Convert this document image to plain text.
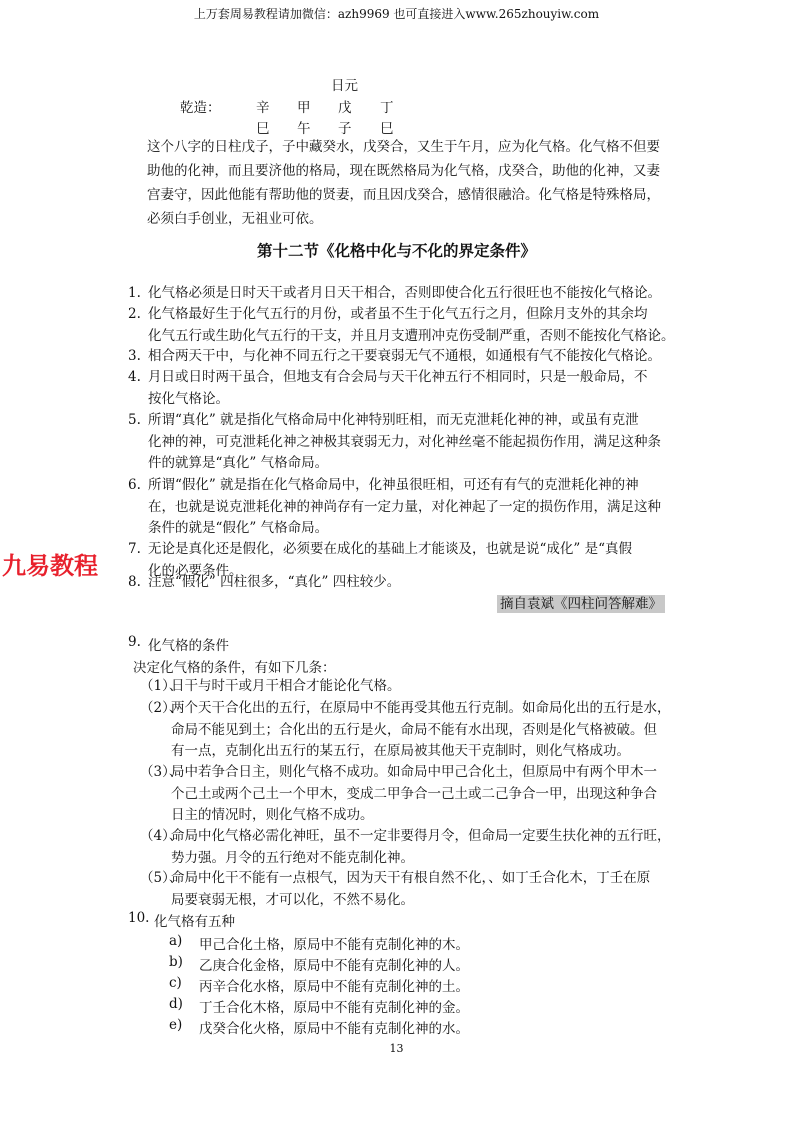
上万套周易教程请加微信：azh9969 也可直接进入www.265zhouyiw.com
日元
乾造：	辛 甲 戊 丁
巳 午 子 巳
这个八字的日柱戊子，子中藏癸水，戊癸合，又生于午月，应为化气格。化气格不但要
助他的化神，而且要济他的格局，现在既然格局为化气格，戊癸合，助他的化神，又妻
宫妻守，因此他能有帮助他的贤妻，而且因戊癸合，感情很融洽。化气格是特殊格局，
必须白手创业，无祖业可依。
第十二节《化格中化与不化的界定条件》
1. 化气格必须是日时天干或者月日天干相合，否则即使合化五行很旺也不能按化气格论。
2. 化气格最好生于化气五行的月份，或者虽不生于化气五行之月，但除月支外的其余均
化气五行或生助化气五行的干支，并且月支遭刑冲克伤受制严重，否则不能按化气格论。
3. 相合两天干中，与化神不同五行之干要衰弱无气不通根，如通根有气不能按化气格论。
4. 月日或日时两干虽合，但地支有合会局与天干化神五行不相同时，只是一般命局，不
按化气格论。
5. 所谓“真化” 就是指化气格命局中化神特别旺相，而无克泄耗化神的神，或虽有克泄
化神的神，可克泄耗化神之神极其衰弱无力，对化神丝毫不能起损伤作用，满足这种条
件的就算是“真化” 气格命局。
6. 所谓“假化” 就是指在化气格命局中，化神虽很旺相，可还有有气的克泄耗化神的神
在，也就是说克泄耗化神的神尚存有一定力量，对化神起了一定的损伤作用，满足这种
条件的就是“假化” 气格命局。
7. 无论是真化还是假化，必须要在成化的基础上才能谈及，也就是说“成化” 是“真假
化的必要条件。
8. 注意“假化” 四柱很多，“真化” 四柱较少。
九易教程
摘自袁斌《四柱问答解难》
9. 化气格的条件
决定化气格的条件，有如下几条：
（1）、
日干与时干或月干相合才能论化气格。
（2）、
两个天干合化出的五行，在原局中不能再受其他五行克制。如命局化出的五行是水，
命局不能见到土；合化出的五行是火，命局不能有水出现，否则是化气格被破。但
有一点，克制化出五行的某五行，在原局被其他天干克制时，则化气格成功。
（3）、
局中若争合日主，则化气格不成功。如命局中甲己合化土，但原局中有两个甲木一
个己土或两个己土一个甲木，变成二甲争合一己土或二己争合一甲，出现这种争合
日主的情况时，则化气格不成功。
（4）、
命局中化气格必需化神旺，虽不一定非要得月令，但命局一定要生扶化神的五行旺，
势力强。月令的五行绝对不能克制化神。
（5）、
命局中化干不能有一点根气，因为天干有根自然不化，、如丁壬合化木，丁壬在原
局要衰弱无根，才可以化，不然不易化。
10. 化气格有五种
a) 甲己合化土格，原局中不能有克制化神的木。
b) 乙庚合化金格，原局中不能有克制化神的人。
c) 丙辛合化水格，原局中不能有克制化神的土。
d) 丁壬合化木格，原局中不能有克制化神的金。
e) 戊癸合化火格，原局中不能有克制化神的水。
13
